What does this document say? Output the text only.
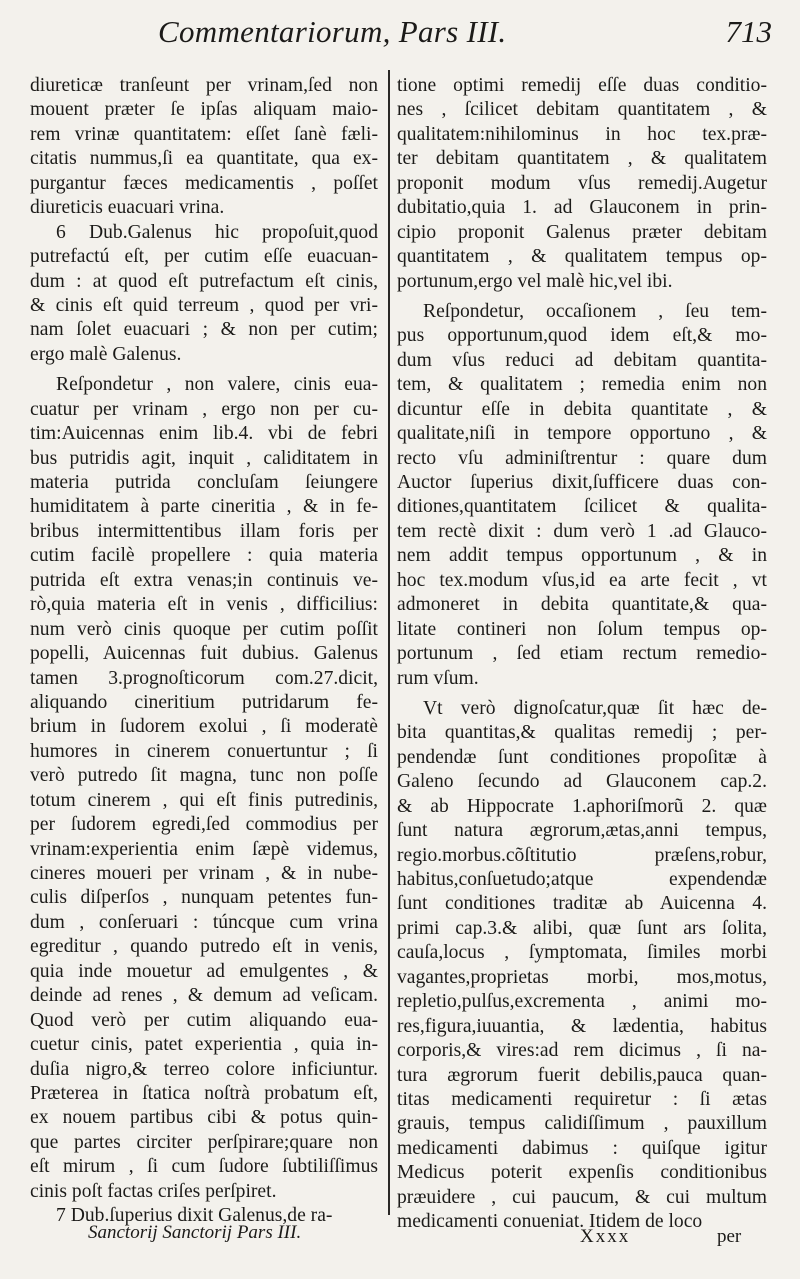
Commentariorum, Pars III.	713
diureticæ tranſeunt per vrinam,ſed non
mouent præter ſe ipſas aliquam maio-
rem vrinæ quantitatem: eſſet ſanè fæli-
citatis nummus,ſi ea quantitate, qua ex-
purgantur fæces medicamentis , poſſet
diureticis euacuari vrina.
6 Dub.Galenus hic propoſuit,quod
putrefactú eſt, per cutim eſſe euacuan-
dum : at quod eſt putrefactum eſt cinis,
& cinis eſt quid terreum , quod per vri-
nam ſolet euacuari ; & non per cutim;
ergo malè Galenus.
Reſpondetur , non valere, cinis eua-
cuatur per vrinam , ergo non per cu-
tim:Auicennas enim lib.4. vbi de febri
bus putridis agit, inquit , caliditatem in
materia putrida concluſam ſeiungere
humiditatem à parte cineritia , & in fe-
bribus intermittentibus illam foris per
cutim facilè propellere : quia materia
putrida eſt extra venas;in continuis ve-
rò,quia materia eſt in venis , difficilius:
num verò cinis quoque per cutim poſſit
popelli, Auicennas fuit dubius. Galenus
tamen 3.prognoſticorum com.27.dicit,
aliquando cineritium putridarum fe-
brium in ſudorem exolui , ſi moderatè
humores in cinerem conuertuntur ; ſi
verò putredo ſit magna, tunc non poſſe
totum cinerem , qui eſt finis putredinis,
per ſudorem egredi,ſed commodius per
vrinam:experientia enim ſæpè videmus,
cineres moueri per vrinam , & in nube-
culis diſperſos , nunquam petentes fun-
dum , conſeruari : túncque cum vrina
egreditur , quando putredo eſt in venis,
quia inde mouetur ad emulgentes , &
deinde ad renes , & demum ad veſicam.
Quod verò per cutim aliquando eua-
cuetur cinis, patet experientia , quia in-
duſia nigro,& terreo colore inficiuntur.
Præterea in ſtatica noſtrà probatum eſt,
ex nouem partibus cibi & potus quin-
que partes circiter perſpirare;quare non
eſt mirum , ſi cum ſudore ſubtiliſſimus
cinis poſt factas criſes perſpiret.
7 Dub.ſuperius dixit Galenus,de ra-
tione optimi remedij eſſe duas conditio-
nes , ſcilicet debitam quantitatem , &
qualitatem:nihilominus in hoc tex.præ-
ter debitam quantitatem , & qualitatem
proponit modum vſus remedij.Augetur
dubitatio,quia 1. ad Glauconem in prin-
cipio proponit Galenus præter debitam
quantitatem , & qualitatem tempus op-
portunum,ergo vel malè hic,vel ibi.
Reſpondetur, occaſionem , ſeu tem-
pus opportunum,quod idem eſt,& mo-
dum vſus reduci ad debitam quantita-
tem, & qualitatem ; remedia enim non
dicuntur eſſe in debita quantitate , &
qualitate,niſi in tempore opportuno , &
recto vſu adminiſtrentur : quare dum
Auctor ſuperius dixit,ſufficere duas con-
ditiones,quantitatem ſcilicet & qualita-
tem rectè dixit : dum verò 1 .ad Glauco-
nem addit tempus opportunum , & in
hoc tex.modum vſus,id ea arte fecit , vt
admoneret in debita quantitate,& qua-
litate contineri non ſolum tempus op-
portunum , ſed etiam rectum remedio-
rum vſum.
Vt verò dignoſcatur,quæ ſit hæc de-
bita quantitas,& qualitas remedij ; per-
pendendæ ſunt conditiones propoſitæ à
Galeno ſecundo ad Glauconem cap.2.
& ab Hippocrate 1.aphoriſmorũ 2. quæ
ſunt natura ægrorum,ætas,anni tempus,
regio.morbus.cõſtitutio præſens,robur,
habitus,conſuetudo;atque expendendæ
ſunt conditiones traditæ ab Auicenna 4.
primi cap.3.& alibi, quæ ſunt ars ſolita,
cauſa,locus , ſymptomata, ſimiles morbi
vagantes,proprietas morbi, mos,motus,
repletio,pulſus,excrementa , animi mo-
res,figura,iuuantia, & lædentia, habitus
corporis,& vires:ad rem dicimus , ſi na-
tura ægrorum fuerit debilis,pauca quan-
titas medicamenti requiretur : ſi ætas
grauis, tempus calidiſſimum , pauxillum
medicamenti dabimus : quiſque igitur
Medicus poterit expenſis conditionibus
præuidere , cui paucum, & cui multum
medicamenti conueniat. Itidem de loco
Sanctorij Sanctorij Pars III.	Xxxx	per
